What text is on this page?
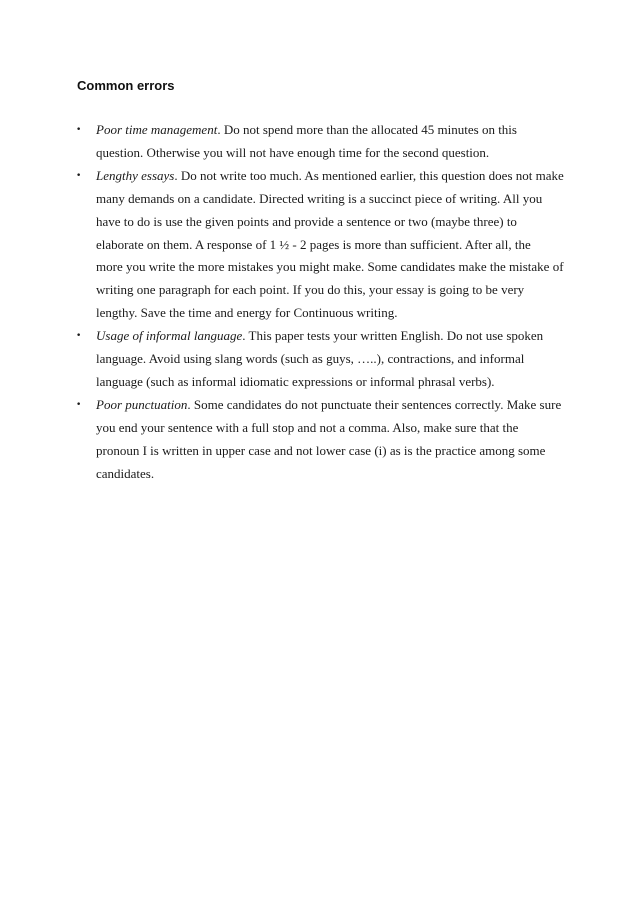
Common errors
• Poor time management. Do not spend more than the allocated 45 minutes on this
question. Otherwise you will not have enough time for the second question.
• Lengthy essays. Do not write too much. As mentioned earlier, this question does not make
many demands on a candidate. Directed writing is a succinct piece of writing. All you
have to do is use the given points and provide a sentence or two (maybe three) to
elaborate on them. A response of 1 ½ - 2 pages is more than sufficient. After all, the
more you write the more mistakes you might make. Some candidates make the mistake of
writing one paragraph for each point. If you do this, your essay is going to be very
lengthy. Save the time and energy for Continuous writing.
• Usage of informal language. This paper tests your written English. Do not use spoken
language. Avoid using slang words (such as guys, …..), contractions, and informal
language (such as informal idiomatic expressions or informal phrasal verbs).
• Poor punctuation. Some candidates do not punctuate their sentences correctly. Make sure
you end your sentence with a full stop and not a comma. Also, make sure that the
pronoun I is written in upper case and not lower case (i) as is the practice among some
candidates.
